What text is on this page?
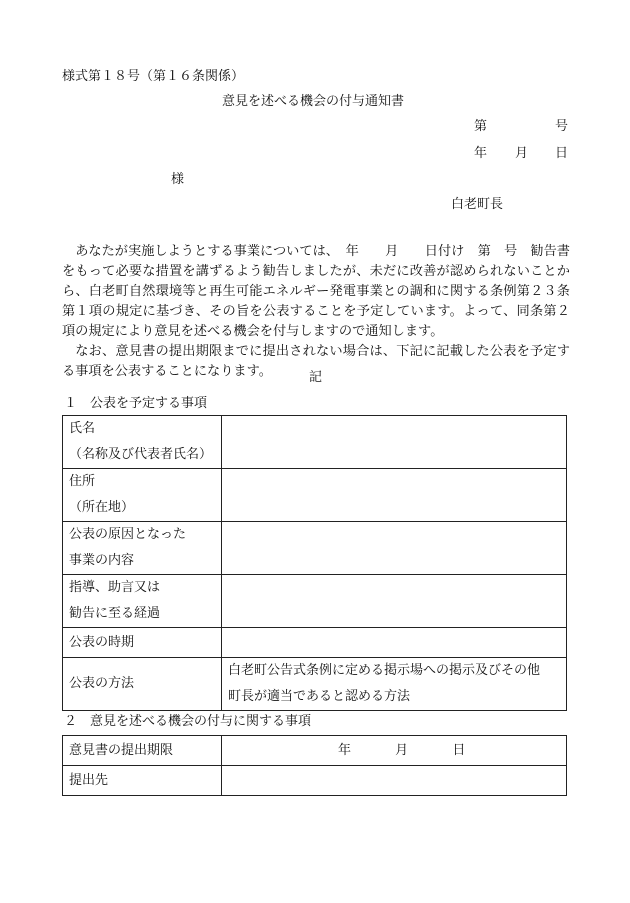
様式第１８号（第１６条関係）
意見を述べる機会の付与通知書
第	号
年 月 日
様
白老町長

あなたが実施しようとする事業については、　年　　月　　日付け　第　号　勧告書をもって必要な措置を講ずるよう勧告しましたが、未だに改善が認められないことから、白老町自然環境等と再生可能エネルギー発電事業との調和に関する条例第２３条第１項の規定に基づき、その旨を公表することを予定しています。よって、同条第２項の規定により意見を述べる機会を付与しますので通知します。

なお、意見書の提出期限までに提出されない場合は、下記に記載した公表を予定する事項を公表することになります。	記
１　公表を予定する事項
氏名
（名称及び代表者氏名）	

住所
（所在地）	

公表の原因となった
事業の内容	

指導、助言又は
勧告に至る経過	

公表の時期	

公表の方法	白老町公告式条例に定める掲示場への掲示及びその他
町長が適当であると認める方法
２　意見を述べる機会の付与に関する事項
意見書の提出期限	年 月 日
提出先	
